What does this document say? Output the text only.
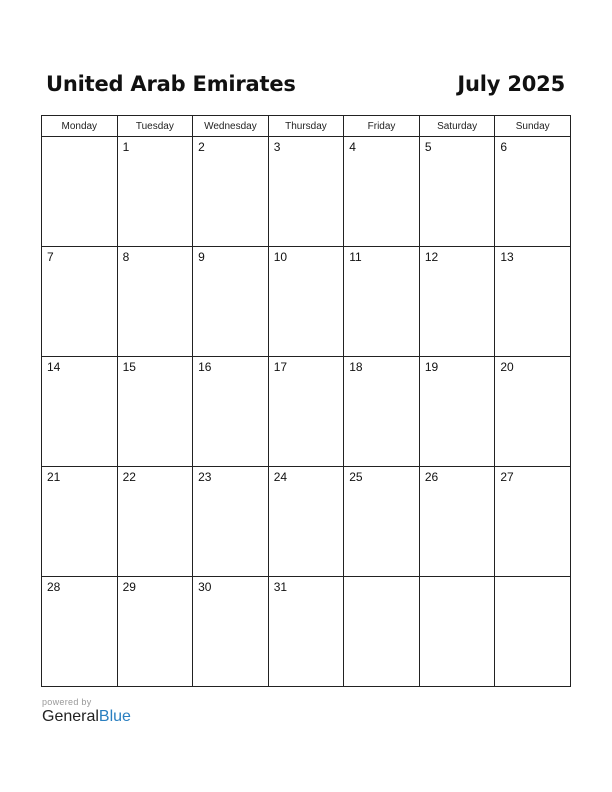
United Arab Emirates	July 2025
Monday	Tuesday	Wednesday	Thursday	Friday	Saturday	Sunday

	1	2	3	4	5	6

7	8	9	10	11	12	13

14	15	16	17	18	19	20

21	22	23	24	25	26	27

28	29	30	31			

powered by
GeneralBlue
